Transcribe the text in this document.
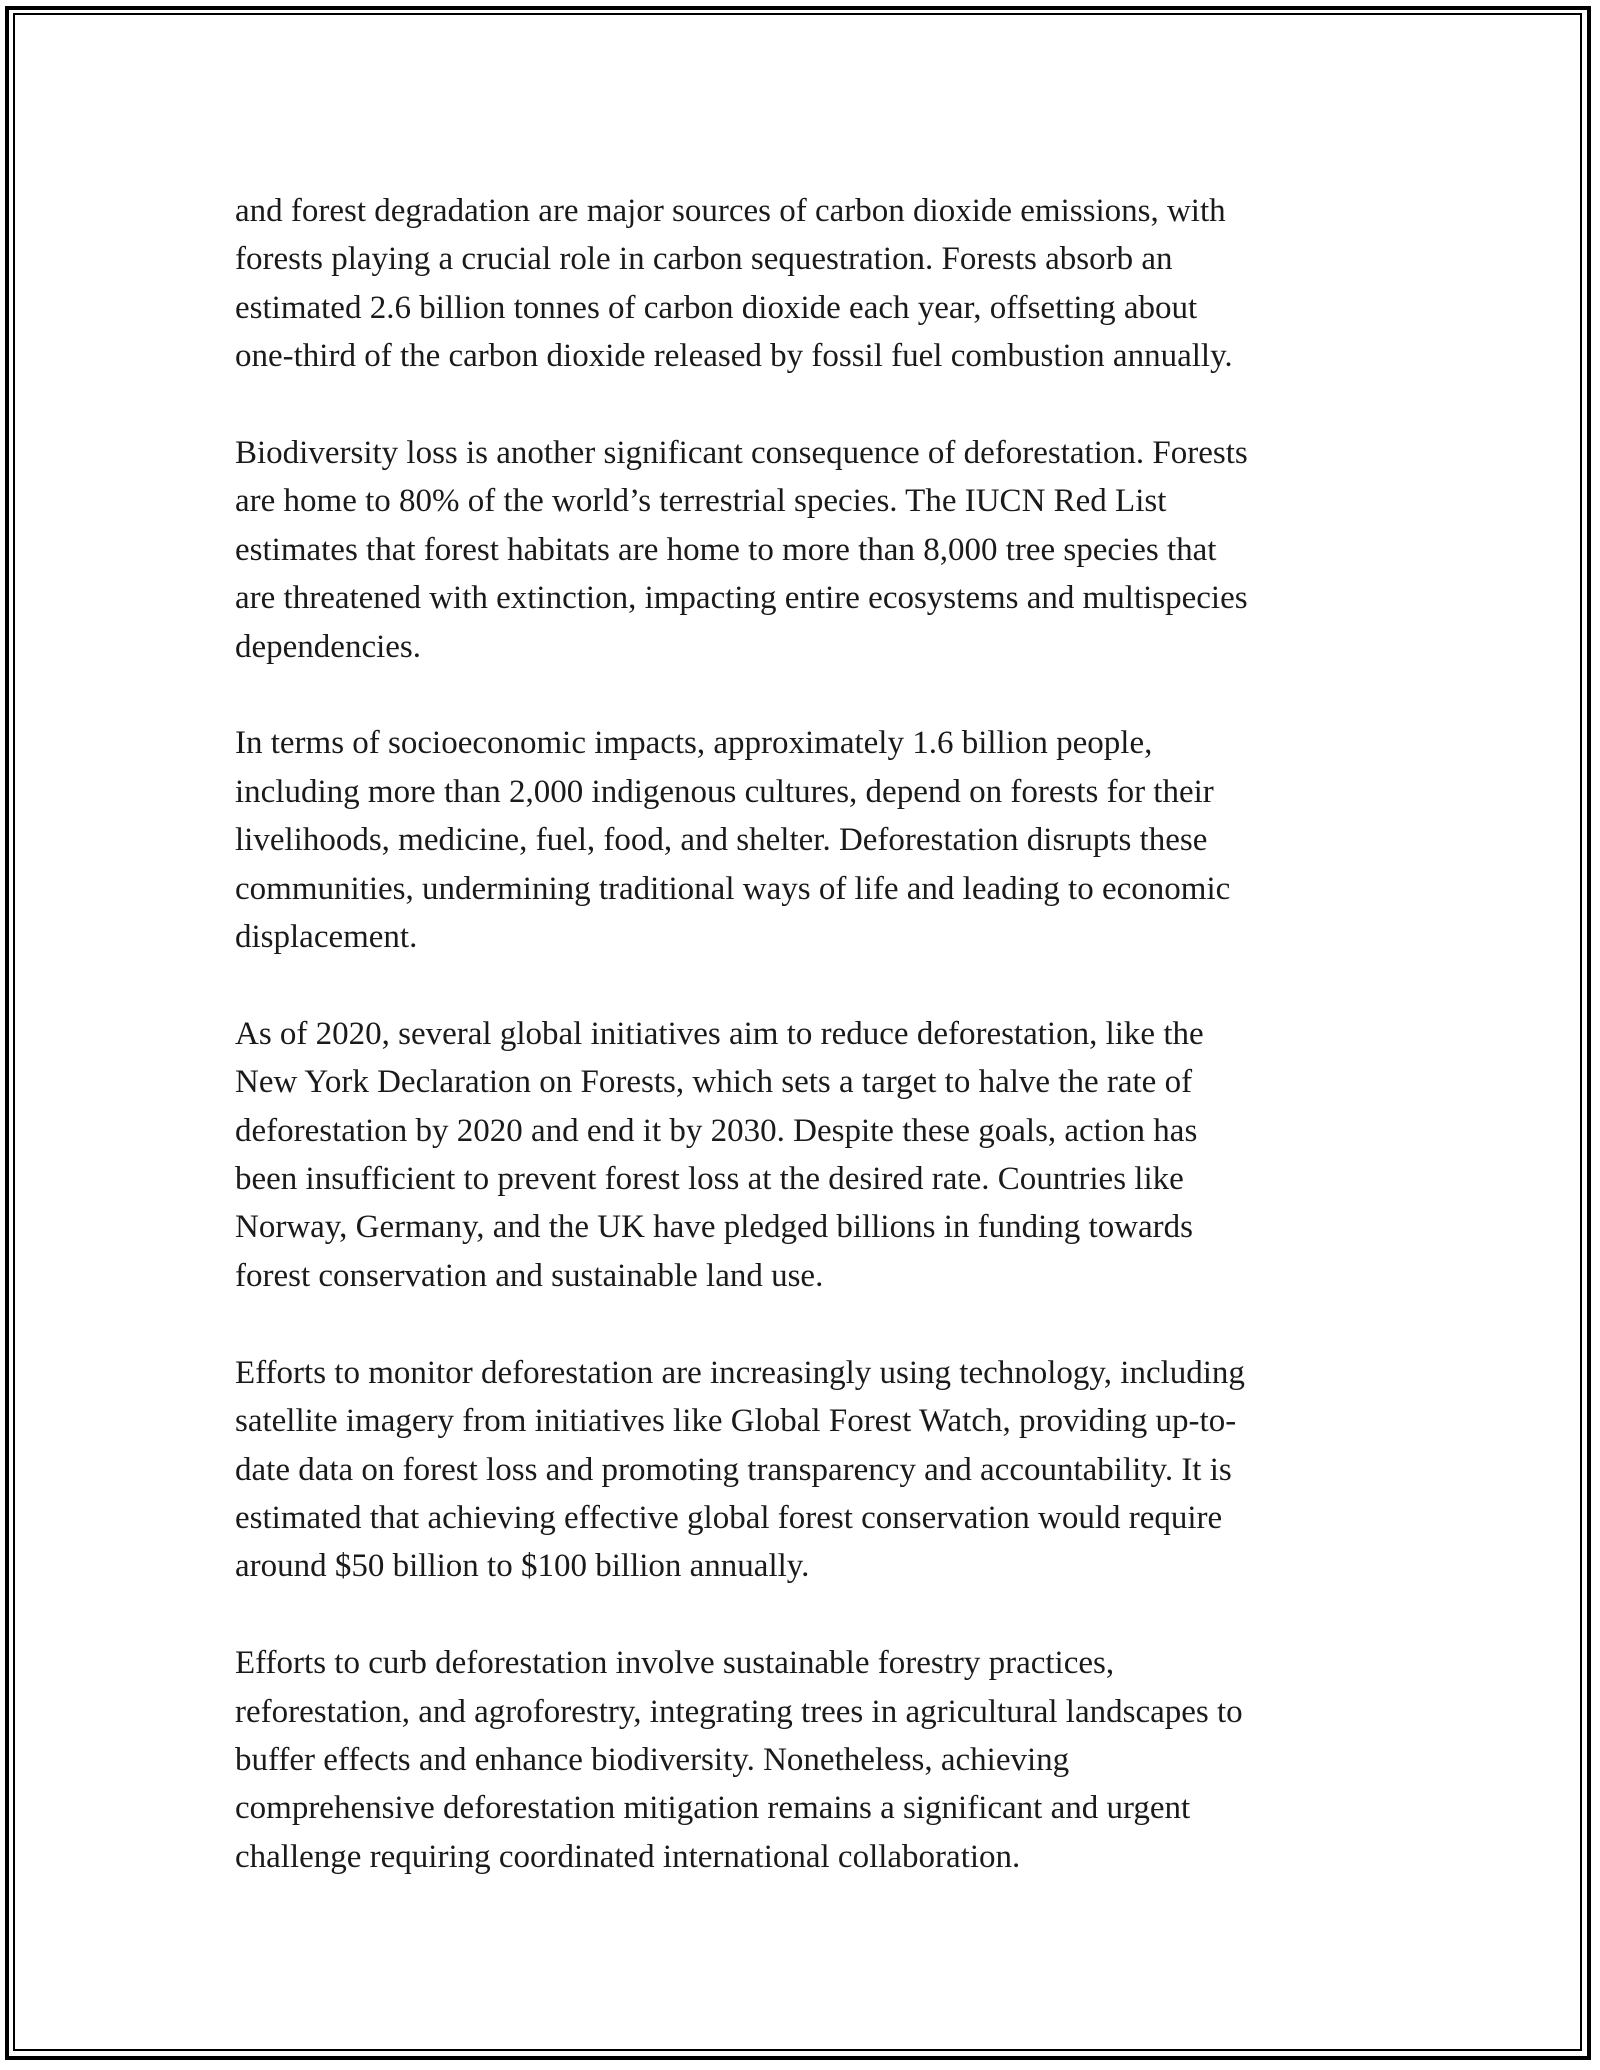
and forest degradation are major sources of carbon dioxide emissions, with
forests playing a crucial role in carbon sequestration. Forests absorb an
estimated 2.6 billion tonnes of carbon dioxide each year, offsetting about
one-third of the carbon dioxide released by fossil fuel combustion annually.

Biodiversity loss is another significant consequence of deforestation. Forests
are home to 80% of the world’s terrestrial species. The IUCN Red List
estimates that forest habitats are home to more than 8,000 tree species that
are threatened with extinction, impacting entire ecosystems and multispecies
dependencies.

In terms of socioeconomic impacts, approximately 1.6 billion people,
including more than 2,000 indigenous cultures, depend on forests for their
livelihoods, medicine, fuel, food, and shelter. Deforestation disrupts these
communities, undermining traditional ways of life and leading to economic
displacement.

As of 2020, several global initiatives aim to reduce deforestation, like the
New York Declaration on Forests, which sets a target to halve the rate of
deforestation by 2020 and end it by 2030. Despite these goals, action has
been insufficient to prevent forest loss at the desired rate. Countries like
Norway, Germany, and the UK have pledged billions in funding towards
forest conservation and sustainable land use.

Efforts to monitor deforestation are increasingly using technology, including
satellite imagery from initiatives like Global Forest Watch, providing up-to-
date data on forest loss and promoting transparency and accountability. It is
estimated that achieving effective global forest conservation would require
around $50 billion to $100 billion annually.

Efforts to curb deforestation involve sustainable forestry practices,
reforestation, and agroforestry, integrating trees in agricultural landscapes to
buffer effects and enhance biodiversity. Nonetheless, achieving
comprehensive deforestation mitigation remains a significant and urgent
challenge requiring coordinated international collaboration.
